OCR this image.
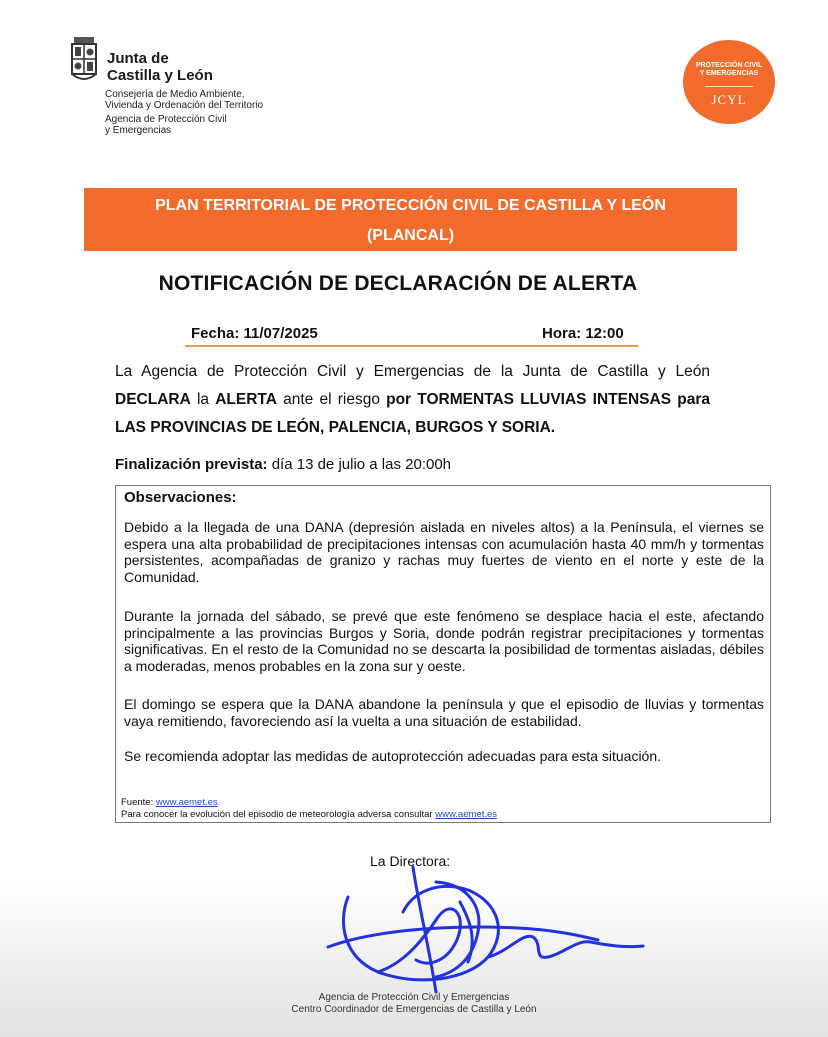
Junta de
Castilla y León
Consejería de Medio Ambiente,
Vivienda y Ordenación del Territorio
Agencia de Protección Civil
y Emergencias
PROTECCIÓN CIVIL
Y EMERGENCIAS
JCYL
PLAN TERRITORIAL DE PROTECCIÓN CIVIL DE CASTILLA Y LEÓN
(PLANCAL)
NOTIFICACIÓN DE DECLARACIÓN DE ALERTA
Fecha: 11/07/2025	Hora: 12:00
La Agencia de Protección Civil y Emergencias de la Junta de Castilla y León DECLARA la ALERTA ante el riesgo por TORMENTAS LLUVIAS INTENSAS para LAS PROVINCIAS DE LEÓN, PALENCIA, BURGOS Y SORIA.
Finalización prevista: día 13 de julio a las 20:00h
Observaciones:
Debido a la llegada de una DANA (depresión aislada en niveles altos) a la Península, el viernes se espera una alta probabilidad de precipitaciones intensas con acumulación hasta 40 mm/h y tormentas persistentes, acompañadas de granizo y rachas muy fuertes de viento en el norte y este de la Comunidad.
Durante la jornada del sábado, se prevé que este fenómeno se desplace hacia el este, afectando principalmente a las provincias Burgos y Soria, donde podrán registrar precipitaciones y tormentas significativas. En el resto de la Comunidad no se descarta la posibilidad de tormentas aisladas, débiles a moderadas, menos probables en la zona sur y oeste.
El domingo se espera que la DANA abandone la península y que el episodio de lluvias y tormentas vaya remitiendo, favoreciendo así la vuelta a una situación de estabilidad.
Se recomienda adoptar las medidas de autoprotección adecuadas para esta situación.
Fuente: www.aemet.es
Para conocer la evolución del episodio de meteorología adversa consultar www.aemet.es
La Directora:
Agencia de Protección Civil y Emergencias
Centro Coordinador de Emergencias de Castilla y León
